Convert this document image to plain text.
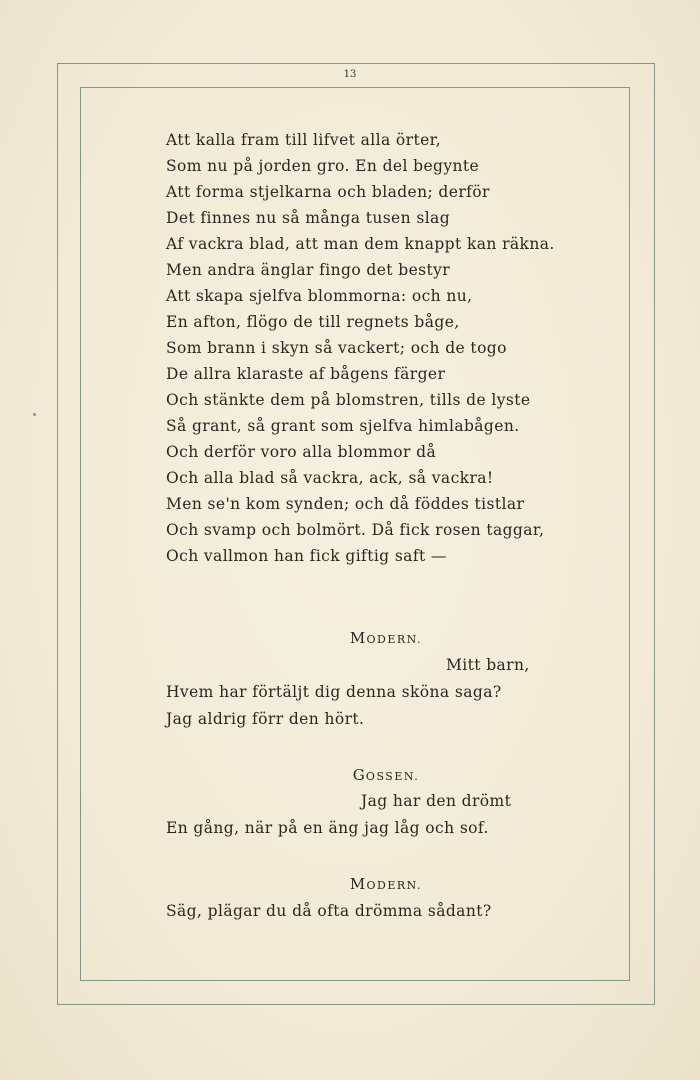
13
Att kalla fram till lifvet alla örter,
Som nu på jorden gro. En del begynte
Att forma stjelkarna och bladen; derför
Det finnes nu så många tusen slag
Af vackra blad, att man dem knappt kan räkna.
Men andra änglar fingo det bestyr
Att skapa sjelfva blommorna: och nu,
En afton, flögo de till regnets båge,
Som brann i skyn så vackert; och de togo
De allra klaraste af bågens färger
Och stänkte dem på blomstren, tills de lyste
Så grant, så grant som sjelfva himlabågen.
Och derför voro alla blommor då
Och alla blad så vackra, ack, så vackra!
Men se'n kom synden; och då föddes tistlar
Och svamp och bolmört. Då fick rosen taggar,
Och vallmon han fick giftig saft —
MODERN.
Mitt barn,
Hvem har förtäljt dig denna sköna saga?
Jag aldrig förr den hört.
GOSSEN.
Jag har den drömt
En gång, när på en äng jag låg och sof.
MODERN.
Säg, plägar du då ofta drömma sådant?
